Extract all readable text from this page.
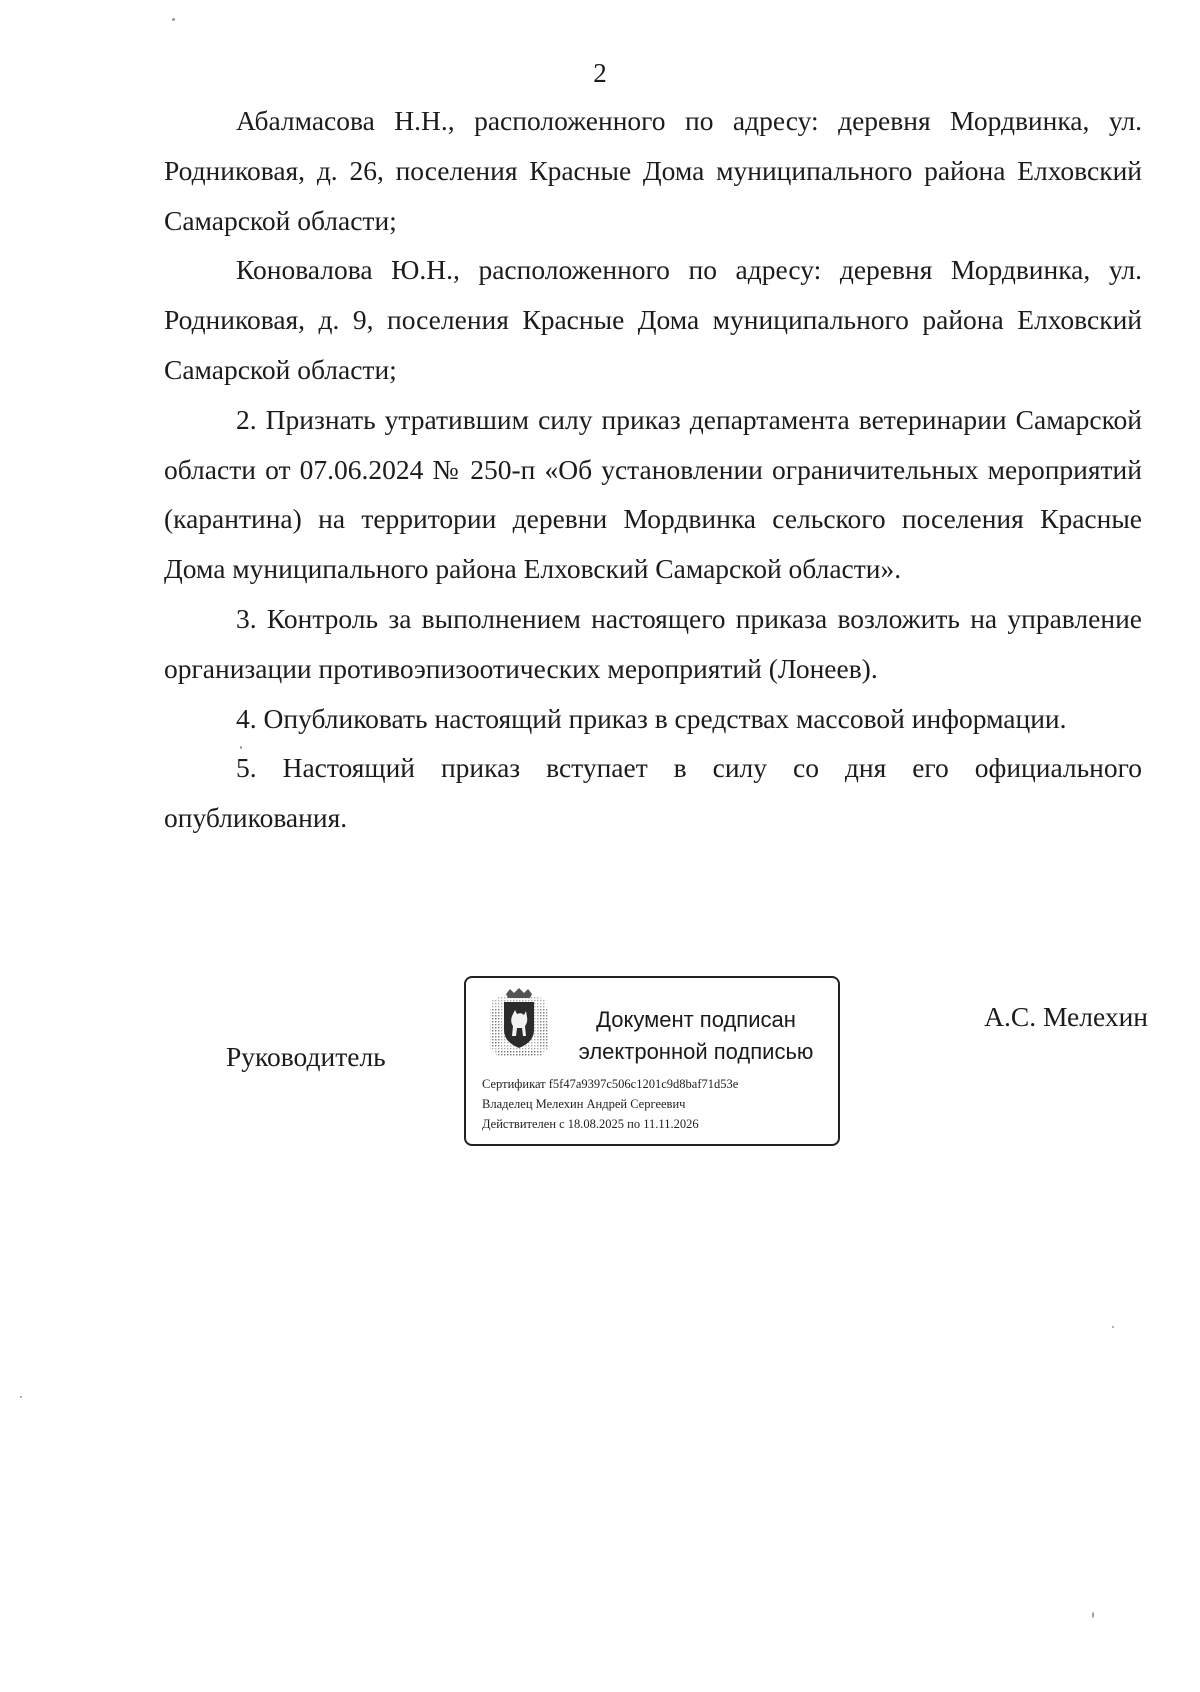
2

Абалмасова Н.Н., расположенного по адресу: деревня Мордвинка, ул. Родниковая, д. 26, поселения Красные Дома муниципального района Елховский Самарской области;

Коновалова Ю.Н., расположенного по адресу: деревня Мордвинка, ул. Родниковая, д. 9, поселения Красные Дома муниципального района Елховский Самарской области;

2. Признать утратившим силу приказ департамента ветеринарии Самарской области от 07.06.2024 № 250-п «Об установлении ограничительных мероприятий (карантина) на территории деревни Мордвинка сельского поселения Красные Дома муниципального района Елховский Самарской области».

3. Контроль за выполнением настоящего приказа возложить на управление организации противоэпизоотических мероприятий (Лонеев).

4. Опубликовать настоящий приказ в средствах массовой информации.

5. Настоящий приказ вступает в силу со дня его официального опубликования.

Руководитель
Документ подписан
электронной подписью
Сертификат f5f47a9397c506c1201c9d8baf71d53e
Владелец Мелехин Андрей Сергеевич
Действителен с 18.08.2025 по 11.11.2026
А.С. Мелехин
